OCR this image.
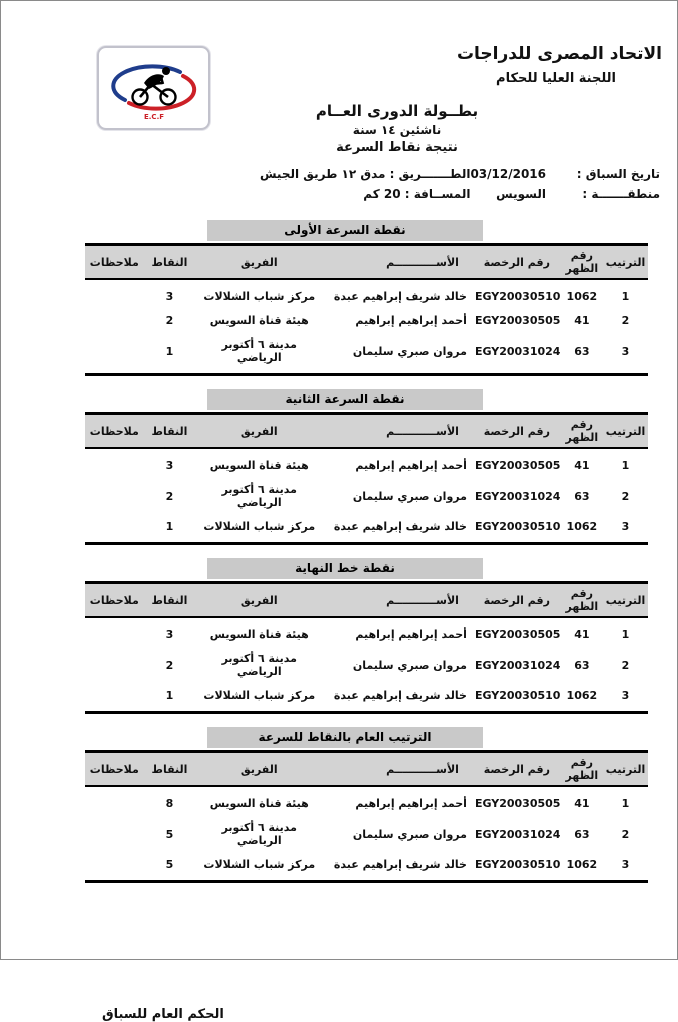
E.C.F
الاتحاد المصرى للدراجات
اللجنة العليا للحكام
بطــولة الدورى العــام
ناشئين ١٤ سنة
نتيجة نقاط السرعة
تاريخ السباق :
03/12/2016
منطقـــــــة :
السويس
الطـــــــريق : مدق ١٢ طريق الجيش
المســافة : 20 كم
نقطة السرعة الأولى
الترتيب	رقم الظهر	رقم الرخصة	الأســـــــــــم	الفريق	النقاط	ملاحظات
1	1062	EGY20030510	خالد شريف إبراهيم عبدة	مركز شباب الشلالات	3	
2	41	EGY20030505	أحمد إبراهيم إبراهيم	هيئة قناة السويس	2	
3	63	EGY20031024	مروان صبري سليمان	مدينة ٦ أكتوبر الرياضي	1	
نقطة السرعة الثانية
الترتيب	رقم الظهر	رقم الرخصة	الأســـــــــــم	الفريق	النقاط	ملاحظات
1	41	EGY20030505	أحمد إبراهيم إبراهيم	هيئة قناة السويس	3	
2	63	EGY20031024	مروان صبري سليمان	مدينة ٦ أكتوبر الرياضي	2	
3	1062	EGY20030510	خالد شريف إبراهيم عبدة	مركز شباب الشلالات	1	
نقطة خط النهاية
الترتيب	رقم الظهر	رقم الرخصة	الأســـــــــــم	الفريق	النقاط	ملاحظات
1	41	EGY20030505	أحمد إبراهيم إبراهيم	هيئة قناة السويس	3	
2	63	EGY20031024	مروان صبري سليمان	مدينة ٦ أكتوبر الرياضي	2	
3	1062	EGY20030510	خالد شريف إبراهيم عبدة	مركز شباب الشلالات	1	
الترتيب العام بالنقاط للسرعة
الترتيب	رقم الظهر	رقم الرخصة	الأســـــــــــم	الفريق	النقاط	ملاحظات
1	41	EGY20030505	أحمد إبراهيم إبراهيم	هيئة قناة السويس	8	
2	63	EGY20031024	مروان صبري سليمان	مدينة ٦ أكتوبر الرياضي	5	
3	1062	EGY20030510	خالد شريف إبراهيم عبدة	مركز شباب الشلالات	5	
الحكم العام للسباق
